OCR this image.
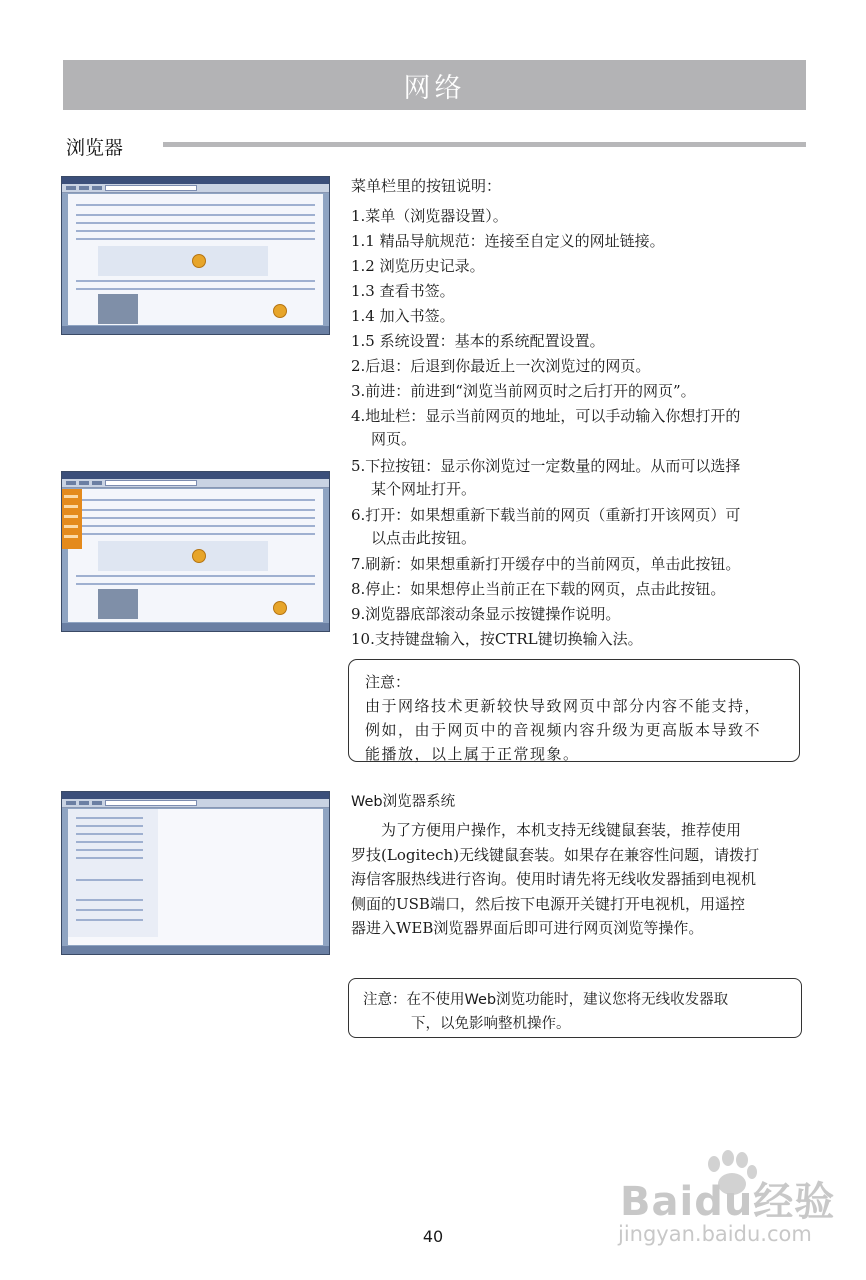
网络
浏览器
菜单栏里的按钮说明：
1.菜单（浏览器设置）。
1.1 精品导航规范：连接至自定义的网址链接。
1.2 浏览历史记录。
1.3 查看书签。
1.4 加入书签。
1.5 系统设置：基本的系统配置设置。
2.后退：后退到你最近上一次浏览过的网页。
3.前进：前进到“浏览当前网页时之后打开的网页”。
4.地址栏：显示当前网页的地址，可以手动输入你想打开的
网页。
5.下拉按钮：显示你浏览过一定数量的网址。从而可以选择
某个网址打开。
6.打开：如果想重新下载当前的网页（重新打开该网页）可
以点击此按钮。
7.刷新：如果想重新打开缓存中的当前网页，单击此按钮。
8.停止：如果想停止当前正在下载的网页，点击此按钮。
9.浏览器底部滚动条显示按键操作说明。
10.支持键盘输入，按CTRL键切换输入法。
注意：
由于网络技术更新较快导致网页中部分内容不能支持，
例如，由于网页中的音视频内容升级为更高版本导致不
能播放，以上属于正常现象。
Web浏览器系统

为了方便用户操作，本机支持无线键鼠套装，推荐使用

罗技(Logitech)无线键鼠套装。如果存在兼容性问题，请拨打

海信客服热线进行咨询。使用时请先将无线收发器插到电视机

侧面的USB端口，然后按下电源开关键打开电视机，用遥控

器进入WEB浏览器界面后即可进行网页浏览等操作。

注意：在不使用Web浏览功能时，建议您将无线收发器取
下，以免影响整机操作。
Baidu经验
jingyan.baidu.com
40
